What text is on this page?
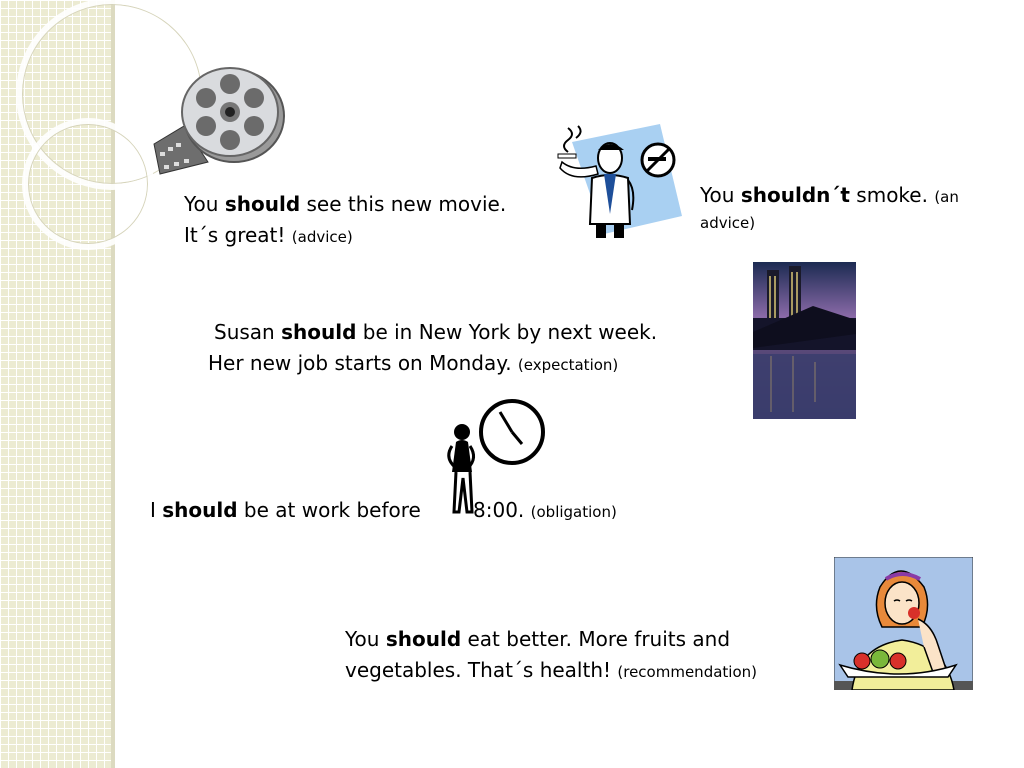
You should see this new movie.
It´s great! (advice)
You shouldn´t smoke. (an
advice)
Susan should be in New York by next week.
Her new job starts on Monday. (expectation)
I should be at work before	8:00. (obligation)
You should eat better. More fruits and
vegetables. That´s health! (recommendation)
